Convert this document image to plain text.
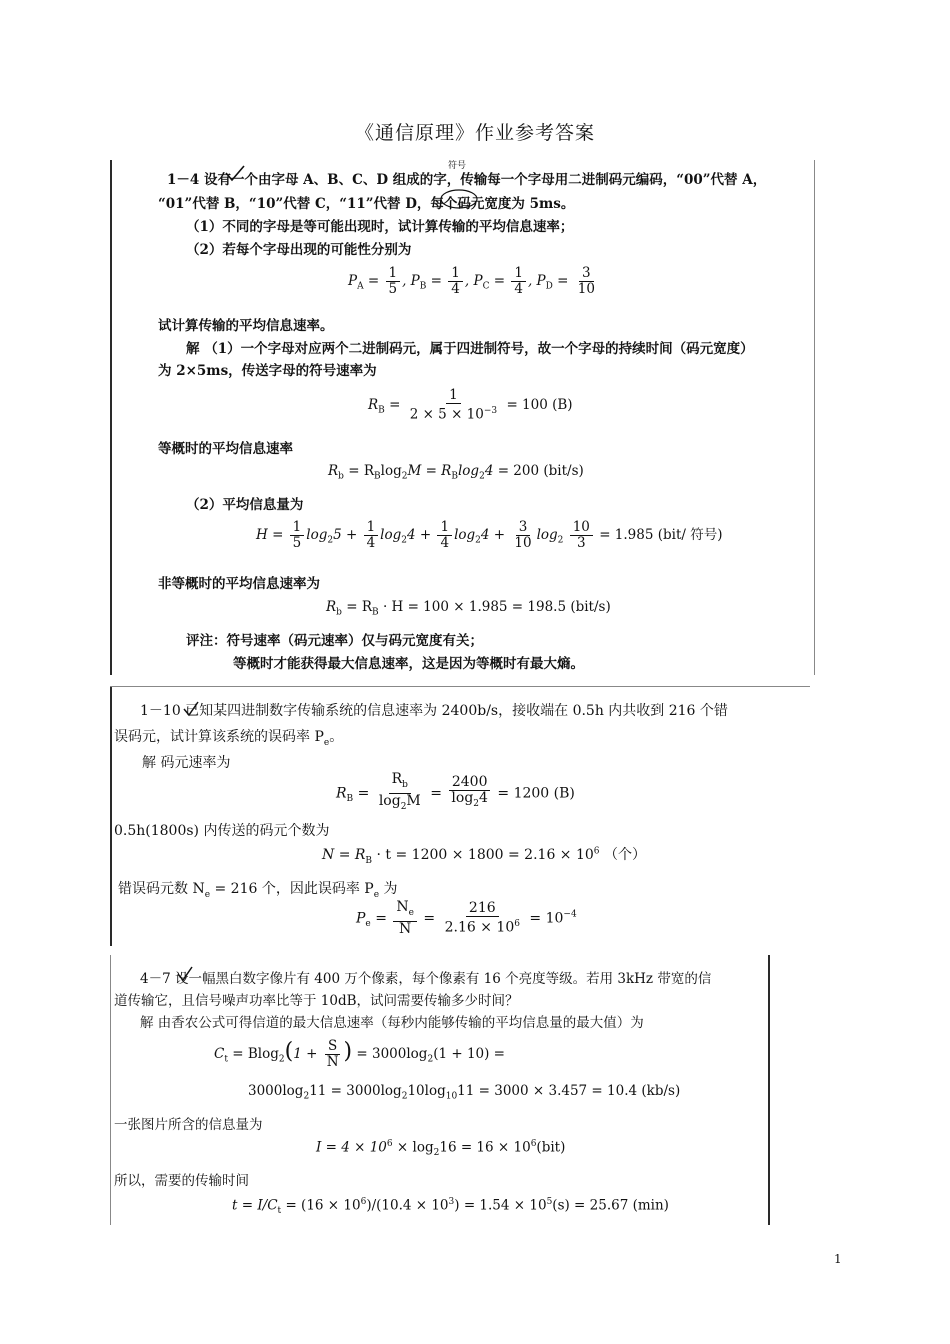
《通信原理》作业参考答案
1－4 设有一个由字母 A、B、C、D 组成的字，传输每一个字母用二进制码元编码，“00”代替 A，
符号
“01”代替 B，“10”代替 C，“11”代替 D，每个码元宽度为 5ms。
（1）不同的字母是等可能出现时，试计算传输的平均信息速率；
（2）若每个字母出现的可能性分别为
$P_A = \frac{1}{5}$ , $P_B = \frac{1}{4}$ , $P_C = \frac{1}{4}$ , $P_D = \frac{3}{10}$
试计算传输的平均信息速率。
解 （1）一个字母对应两个二进制码元，属于四进制符号，故一个字母的持续时间（码元宽度）
为 2×5ms，传送字母的符号速率为
$R_B = \frac{1}{2 \times 5 \times 10^{-3}} = 100$ (B)
等概时的平均信息速率
$R_b = R_B\log_2M = R_B\log_24 = 200$ (bit/s)
（2）平均信息量为
$H = \frac{1}{5} \log_25 + \frac{1}{4} \log_24 + \frac{1}{4} \log_24 + \frac{3}{10} \log_2 \frac{10}{3} = 1.985$ (bit/ 符号)
非等概时的平均信息速率为
$R_b = R_B \cdot H = 100 \times 1.985 = 198.5$ (bit/s)
评注：符号速率（码元速率）仅与码元宽度有关；
等概时才能获得最大信息速率，这是因为等概时有最大熵。
1－10 已知某四进制数字传输系统的信息速率为 2400b/s，接收端在 0.5h 内共收到 216 个错
误码元，试计算该系统的误码率 $P_e$。
解 码元速率为
$R_B = \frac{R_b}{\log_2M} = \frac{2400}{\log_24} = 1200$ (B)
0.5h(1800s) 内传送的码元个数为
$N = R_B \cdot t = 1200 \times 1800 = 2.16 \times 10^6$ （个）
错误码元数 $N_e = 216$ 个，因此误码率 $P_e$ 为
$P_e = \frac{N_e}{N} = \frac{216}{2.16 \times 10^6} = 10^{-4}$
4－7 设一幅黑白数字像片有 400 万个像素，每个像素有 16 个亮度等级。若用 3kHz 带宽的信
道传输它，且信号噪声功率比等于 10dB，试问需要传输多少时间？
解 由香农公式可得信道的最大信息速率（每秒内能够传输的平均信息量的最大值）为
$C_t = Blog_2(1 + \frac{S}{N}$ ) = $3000\log_2(1 + 10)$ =
$3000\log_211 = 3000\log_210\log_{10}11 = 3000 \times 3.457 = 10.4$ (kb/s)
一张图片所含的信息量为
$I = 4 \times 10^6 \times \log_216 = 16 \times 10^6(bit)$
所以，需要的传输时间
$t = I/C_t = (16 \times 10^6)/(10.4 \times 10^3) = 1.54 \times 10^5(s) = 25.67$ (min)
1
